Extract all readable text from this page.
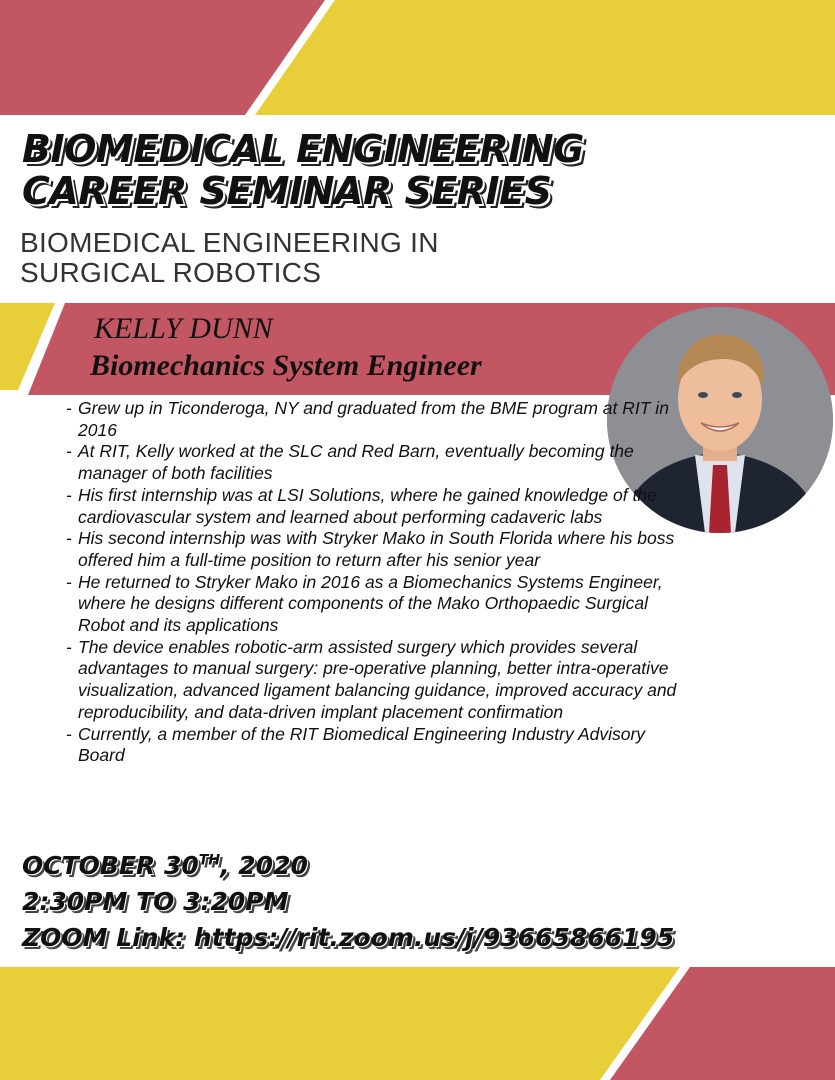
BIOMEDICAL ENGINEERING
CAREER SEMINAR SERIES
BIOMEDICAL ENGINEERING IN
SURGICAL ROBOTICS
KELLY DUNN
Biomechanics System Engineer
- Grew up in Ticonderoga, NY and graduated from the BME program at RIT in 2016
- At RIT, Kelly worked at the SLC and Red Barn, eventually becoming the manager of both facilities
- His first internship was at LSI Solutions, where he gained knowledge of the cardiovascular system and learned about performing cadaveric labs
- His second internship was with Stryker Mako in South Florida where his boss offered him a full-time position to return after his senior year
- He returned to Stryker Mako in 2016 as a Biomechanics Systems Engineer, where he designs different components of the Mako Orthopaedic Surgical Robot and its applications
- The device enables robotic-arm assisted surgery which provides several advantages to manual surgery: pre-operative planning, better intra-operative visualization, advanced ligament balancing guidance, improved accuracy and reproducibility, and data-driven implant placement confirmation
- Currently, a member of the RIT Biomedical Engineering Industry Advisory Board
OCTOBER 30TH, 2020
2:30PM TO 3:20PM
ZOOM Link: https://rit.zoom.us/j/93665866195
